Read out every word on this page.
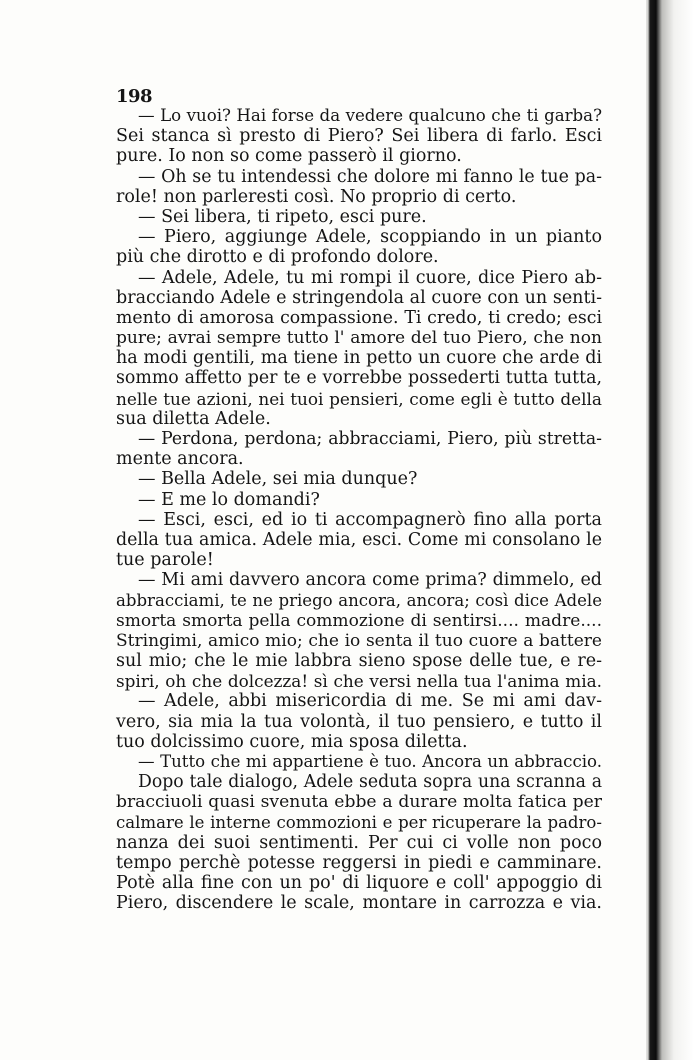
198
— Lo vuoi? Hai forse da vedere qualcuno che ti garba?
Sei stanca sì presto di Piero? Sei libera di farlo. Esci
pure. Io non so come passerò il giorno.
— Oh se tu intendessi che dolore mi fanno le tue pa-
role! non parleresti così. No proprio di certo.
— Sei libera, ti ripeto, esci pure.
— Piero, aggiunge Adele, scoppiando in un pianto
più che dirotto e di profondo dolore.
— Adele, Adele, tu mi rompi il cuore, dice Piero ab-
bracciando Adele e stringendola al cuore con un senti-
mento di amorosa compassione. Ti credo, ti credo; esci
pure; avrai sempre tutto l' amore del tuo Piero, che non
ha modi gentili, ma tiene in petto un cuore che arde di
sommo affetto per te e vorrebbe possederti tutta tutta,
nelle tue azioni, nei tuoi pensieri, come egli è tutto della
sua diletta Adele.
— Perdona, perdona; abbracciami, Piero, più stretta-
mente ancora.
— Bella Adele, sei mia dunque?
— E me lo domandi?
— Esci, esci, ed io ti accompagnerò fino alla porta
della tua amica. Adele mia, esci. Come mi consolano le
tue parole!
— Mi ami davvero ancora come prima? dimmelo, ed
abbracciami, te ne priego ancora, ancora; così dice Adele
smorta smorta pella commozione di sentirsi.... madre....
Stringimi, amico mio; che io senta il tuo cuore a battere
sul mio; che le mie labbra sieno spose delle tue, e re-
spiri, oh che dolcezza! sì che versi nella tua l'anima mia.
— Adele, abbi misericordia di me. Se mi ami dav-
vero, sia mia la tua volontà, il tuo pensiero, e tutto il
tuo dolcissimo cuore, mia sposa diletta.
— Tutto che mi appartiene è tuo. Ancora un abbraccio.
Dopo tale dialogo, Adele seduta sopra una scranna a
bracciuoli quasi svenuta ebbe a durare molta fatica per
calmare le interne commozioni e per ricuperare la padro-
nanza dei suoi sentimenti. Per cui ci volle non poco
tempo perchè potesse reggersi in piedi e camminare.
Potè alla fine con un po' di liquore e coll' appoggio di
Piero, discendere le scale, montare in carrozza e via.
